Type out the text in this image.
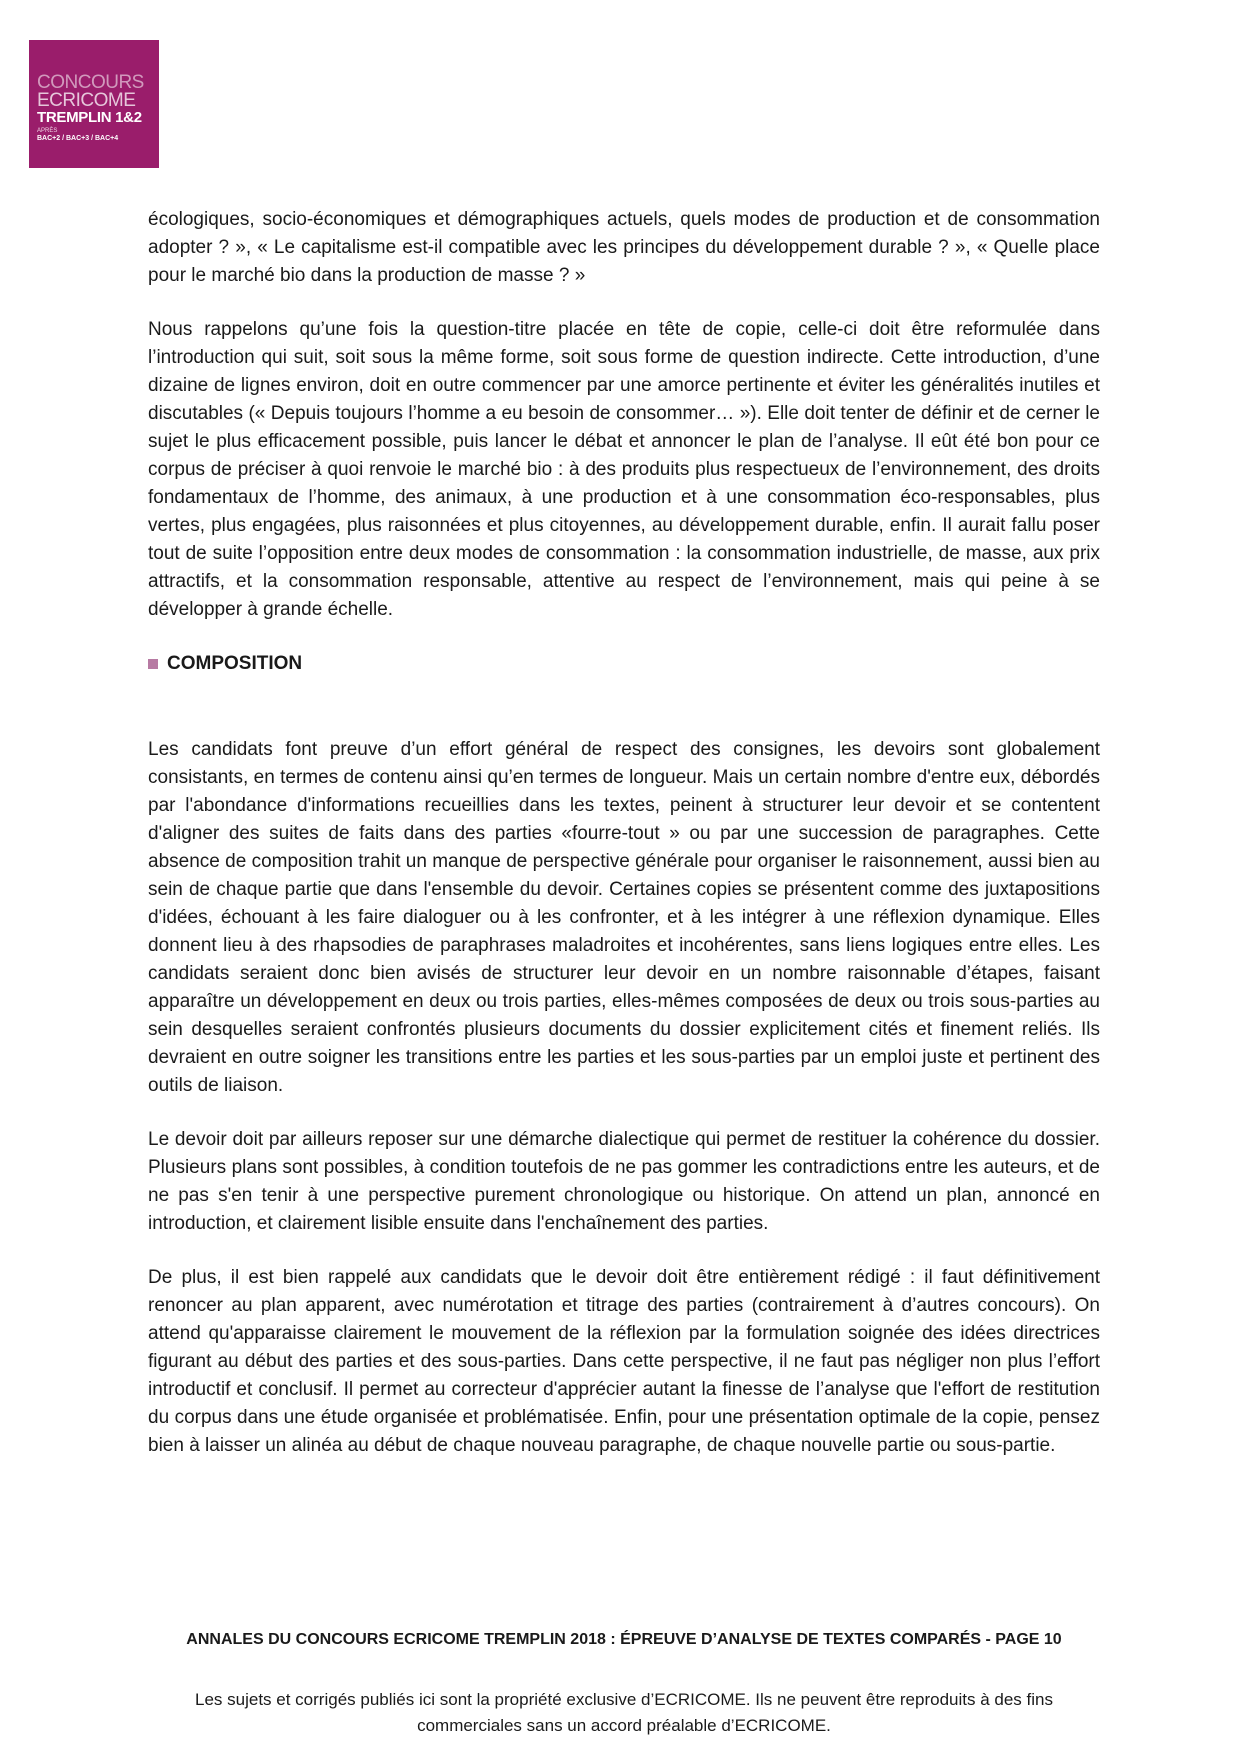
CONCOURS
ECRICOME
TREMPLIN 1&2
APRÈS
BAC+2 / BAC+3 / BAC+4

écologiques, socio-économiques et démographiques actuels, quels modes de production et de consommation adopter ? », « Le capitalisme est-il compatible avec les principes du développement durable ? », « Quelle place pour le marché bio dans la production de masse ? »

Nous rappelons qu’une fois la question-titre placée en tête de copie, celle-ci doit être reformulée dans l’introduction qui suit, soit sous la même forme, soit sous forme de question indirecte. Cette introduction, d’une dizaine de lignes environ, doit en outre commencer par une amorce pertinente et éviter les généralités inutiles et discutables (« Depuis toujours l’homme a eu besoin de consommer… »). Elle doit tenter de définir et de cerner le sujet le plus efficacement possible, puis lancer le débat et annoncer le plan de l’analyse. Il eût été bon pour ce corpus de préciser à quoi renvoie le marché bio : à des produits plus respectueux de l’environnement, des droits fondamentaux de l’homme, des animaux, à une production et à une consommation éco-responsables, plus vertes, plus engagées, plus raisonnées et plus citoyennes, au développement durable, enfin. Il aurait fallu poser tout de suite l’opposition entre deux modes de consommation : la consommation industrielle, de masse, aux prix attractifs, et la consommation responsable, attentive au respect de l’environnement, mais qui peine à se développer à grande échelle.

COMPOSITION

Les candidats font preuve d’un effort général de respect des consignes, les devoirs sont globalement consistants, en termes de contenu ainsi qu’en termes de longueur. Mais un certain nombre d'entre eux, débordés par l'abondance d'informations recueillies dans les textes, peinent à structurer leur devoir et se contentent d'aligner des suites de faits dans des parties «fourre-tout » ou par une succession de paragraphes. Cette absence de composition trahit un manque de perspective générale pour organiser le raisonnement, aussi bien au sein de chaque partie que dans l'ensemble du devoir. Certaines copies se présentent comme des juxtapositions d'idées, échouant à les faire dialoguer ou à les confronter, et à les intégrer à une réflexion dynamique. Elles donnent lieu à des rhapsodies de paraphrases maladroites et incohérentes, sans liens logiques entre elles. Les candidats seraient donc bien avisés de structurer leur devoir en un nombre raisonnable d’étapes, faisant apparaître un développement en deux ou trois parties, elles-mêmes composées de deux ou trois sous-parties au sein desquelles seraient confrontés plusieurs documents du dossier explicitement cités et finement reliés. Ils devraient en outre soigner les transitions entre les parties et les sous-parties par un emploi juste et pertinent des outils de liaison.

Le devoir doit par ailleurs reposer sur une démarche dialectique qui permet de restituer la cohérence du dossier. Plusieurs plans sont possibles, à condition toutefois de ne pas gommer les contradictions entre les auteurs, et de ne pas s'en tenir à une perspective purement chronologique ou historique. On attend un plan, annoncé en introduction, et clairement lisible ensuite dans l'enchaînement des parties.

De plus, il est bien rappelé aux candidats que le devoir doit être entièrement rédigé : il faut définitivement renoncer au plan apparent, avec numérotation et titrage des parties (contrairement à d’autres concours). On attend qu'apparaisse clairement le mouvement de la réflexion par la formulation soignée des idées directrices figurant au début des parties et des sous-parties. Dans cette perspective, il ne faut pas négliger non plus l’effort introductif et conclusif. Il permet au correcteur d'apprécier autant la finesse de l’analyse que l'effort de restitution du corpus dans une étude organisée et problématisée. Enfin, pour une présentation optimale de la copie, pensez bien à laisser un alinéa au début de chaque nouveau paragraphe, de chaque nouvelle partie ou sous-partie.

ANNALES DU CONCOURS ECRICOME TREMPLIN 2018 : ÉPREUVE D’ANALYSE DE TEXTES COMPARÉS - PAGE 10
Les sujets et corrigés publiés ici sont la propriété exclusive d’ECRICOME. Ils ne peuvent être reproduits à des fins commerciales sans un accord préalable d’ECRICOME.
